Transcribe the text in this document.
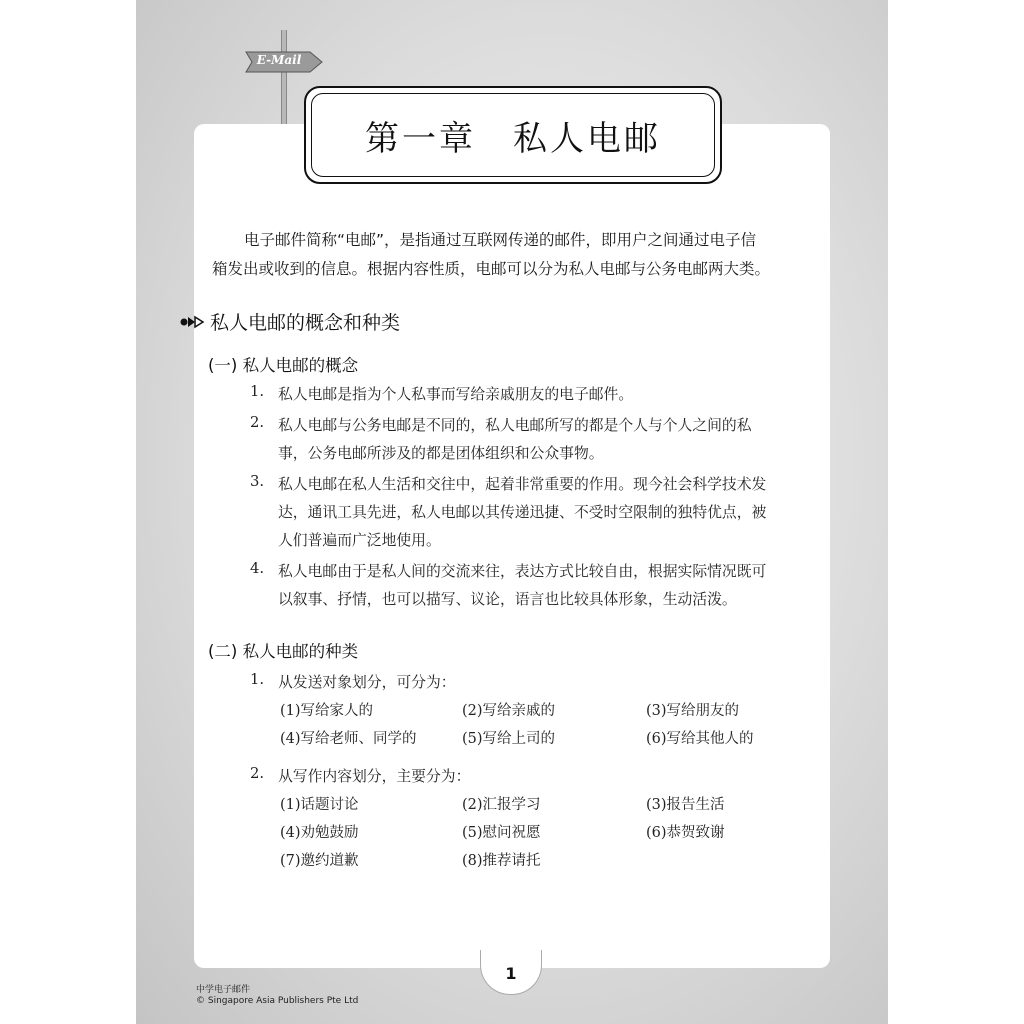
E-Mail
电子邮件简称“电邮”，是指通过互联网传递的邮件，即用户之间通过电子信
箱发出或收到的信息。根据内容性质，电邮可以分为私人电邮与公务电邮两大类。
(一) 私人电邮的概念
1. 私人电邮是指为个人私事而写给亲戚朋友的电子邮件。
2. 私人电邮与公务电邮是不同的，私人电邮所写的都是个人与个人之间的私
事，公务电邮所涉及的都是团体组织和公众事物。
3. 私人电邮在私人生活和交往中，起着非常重要的作用。现今社会科学技术发
达，通讯工具先进，私人电邮以其传递迅捷、不受时空限制的独特优点，被
人们普遍而广泛地使用。
4. 私人电邮由于是私人间的交流来往，表达方式比较自由，根据实际情况既可
以叙事、抒情，也可以描写、议论，语言也比较具体形象，生动活泼。
(二) 私人电邮的种类
1. 从发送对象划分，可分为：
(1)写给家人的	(2)写给亲戚的	(3)写给朋友的
(4)写给老师、同学的	(5)写给上司的	(6)写给其他人的
2. 从写作内容划分，主要分为：
(1)话题讨论	(2)汇报学习	(3)报告生活
(4)劝勉鼓励	(5)慰问祝愿	(6)恭贺致谢
(7)邀约道歉	(8)推荐请托
私人电邮的概念和种类
第一章　私人电邮
1
中学电子邮件
© Singapore Asia Publishers Pte Ltd
